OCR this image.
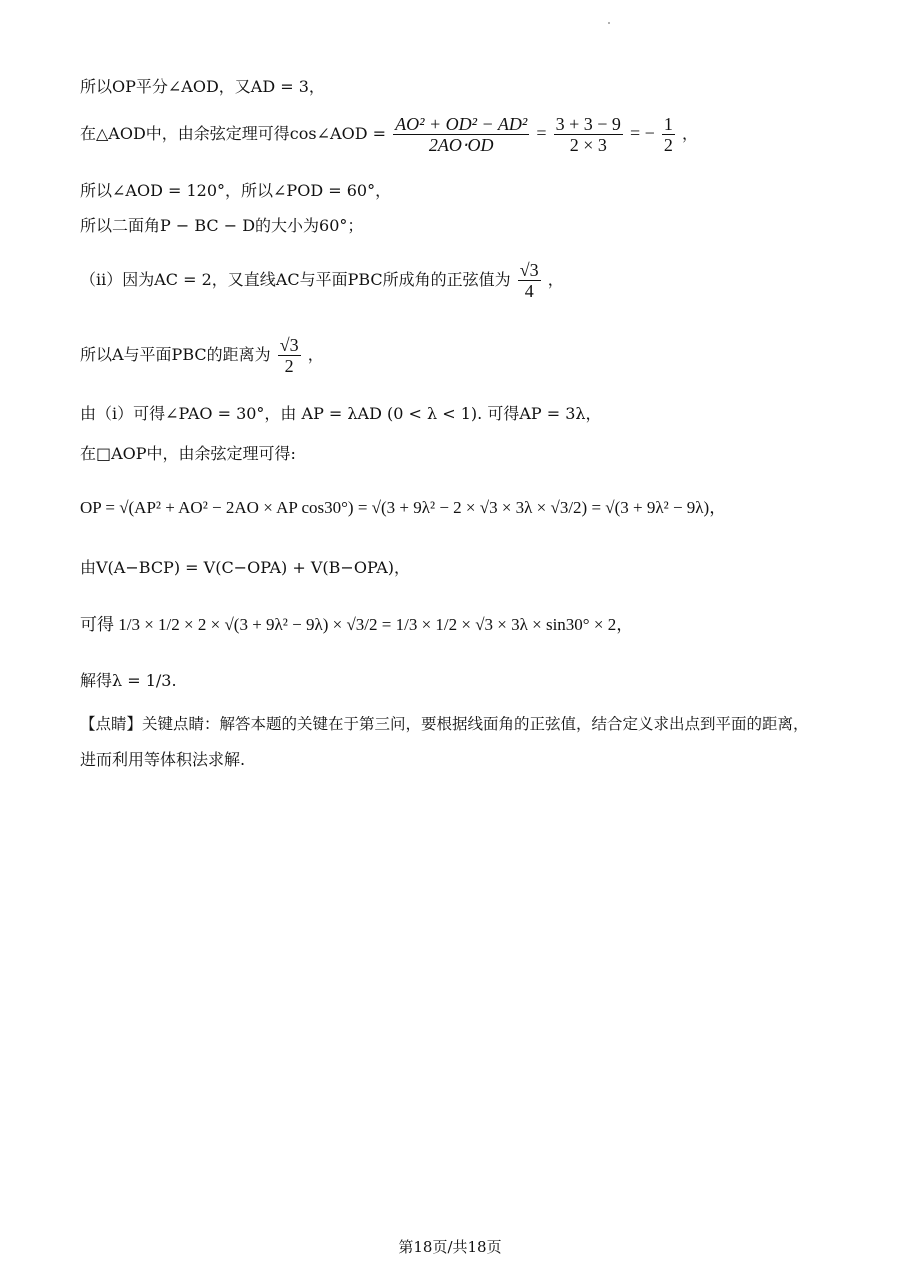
所以OP平分∠AOD，又AD = 3，
在△AOD中，由余弦定理可得cos∠AOD = $\frac{\text{AO² + OD² − AD²}}{2AO\cdot OD} = \frac{3 + 3 - 9}{2 \times 3}$ = − $\frac{1}{2}$ ，
所以∠AOD = 120°，所以∠POD = 60°，
所以二面角P − BC − D的大小为60°；
（ii）因为AC = 2，又直线AC与平面PBC所成角的正弦值为 $\frac{√3}{4}$ ，
所以A与平面PBC的距离为 $\frac{√3}{2}$ ，
由（i）可得∠PAO = 30°，由 AP = λAD (0 < λ < 1). 可得AP = 3λ，
在□AOP中，由余弦定理可得:
OP = √(AP² + AO² − 2AO × AP cos30°) = √(3 + 9λ² − 2 × √3 × 3λ × √3/2) = √(3 + 9λ² − 9λ)，
由V(A−BCP) = V(C−OPA) + V(B−OPA)，
可得 1/3 × 1/2 × 2 × √(3 + 9λ² − 9λ) × √3/2 = 1/3 × 1/2 × √3 × 3λ × sin30° × 2，
解得λ = 1/3.
【点睛】关键点睛：解答本题的关键在于第三问，要根据线面角的正弦值，结合定义求出点到平面的距离，
进而利用等体积法求解.
第18页/共18页
